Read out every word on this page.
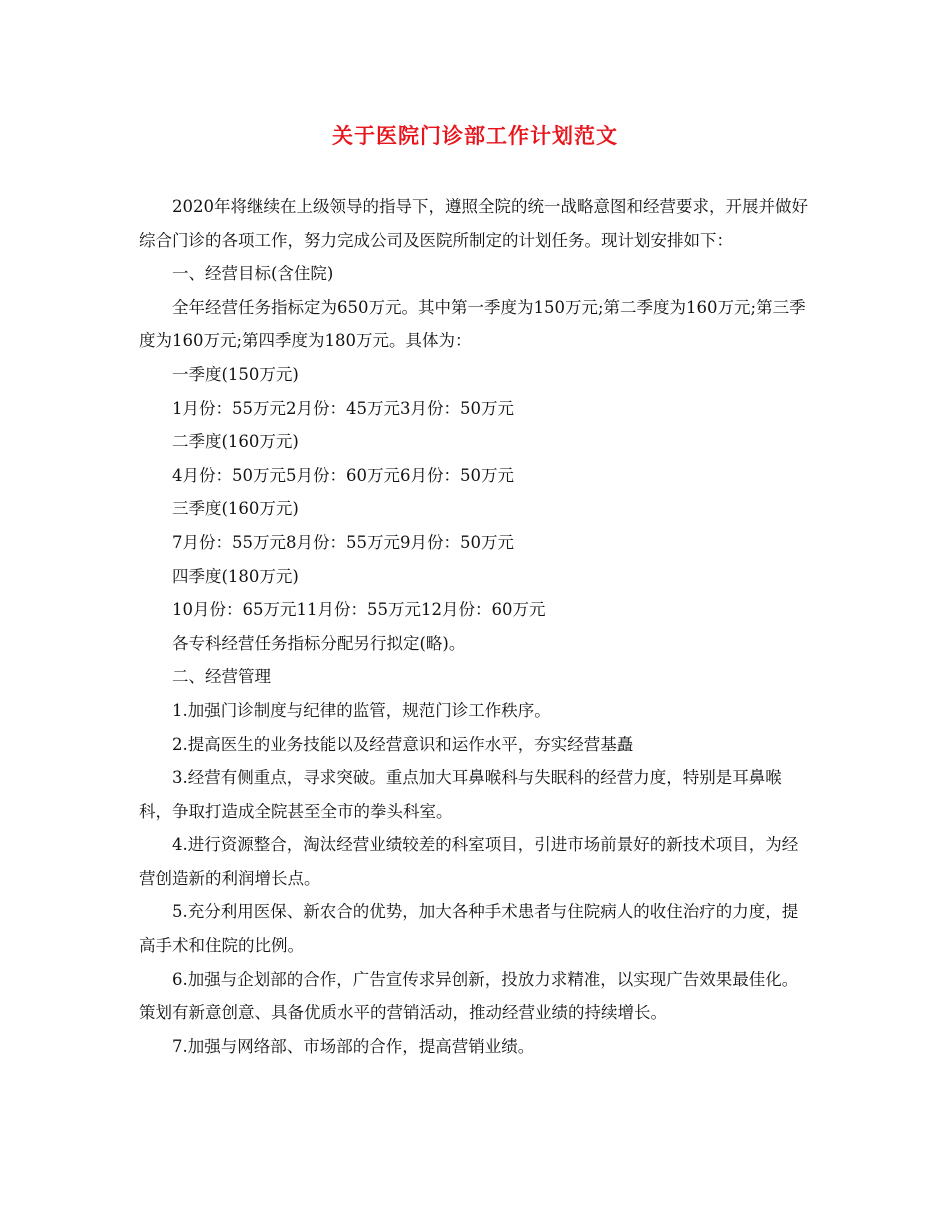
关于医院门诊部工作计划范文

2020年将继续在上级领导的指导下，遵照全院的统一战略意图和经营要求，开展并做好综合门诊的各项工作，努力完成公司及医院所制定的计划任务。现计划安排如下：

一、经营目标(含住院)

全年经营任务指标定为650万元。其中第一季度为150万元;第二季度为160万元;第三季度为160万元;第四季度为180万元。具体为：

一季度(150万元)

1月份：55万元2月份：45万元3月份：50万元

二季度(160万元)

4月份：50万元5月份：60万元6月份：50万元

三季度(160万元)

7月份：55万元8月份：55万元9月份：50万元

四季度(180万元)

10月份：65万元11月份：55万元12月份：60万元

各专科经营任务指标分配另行拟定(略)。

二、经营管理

1.加强门诊制度与纪律的监管，规范门诊工作秩序。

2.提高医生的业务技能以及经营意识和运作水平，夯实经营基矗

3.经营有侧重点，寻求突破。重点加大耳鼻喉科与失眠科的经营力度，特别是耳鼻喉科，争取打造成全院甚至全市的拳头科室。

4.进行资源整合，淘汰经营业绩较差的科室项目，引进市场前景好的新技术项目，为经营创造新的利润增长点。

5.充分利用医保、新农合的优势，加大各种手术患者与住院病人的收住治疗的力度，提高手术和住院的比例。

6.加强与企划部的合作，广告宣传求异创新，投放力求精准，以实现广告效果最佳化。策划有新意创意、具备优质水平的营销活动，推动经营业绩的持续增长。

7.加强与网络部、市场部的合作，提高营销业绩。
